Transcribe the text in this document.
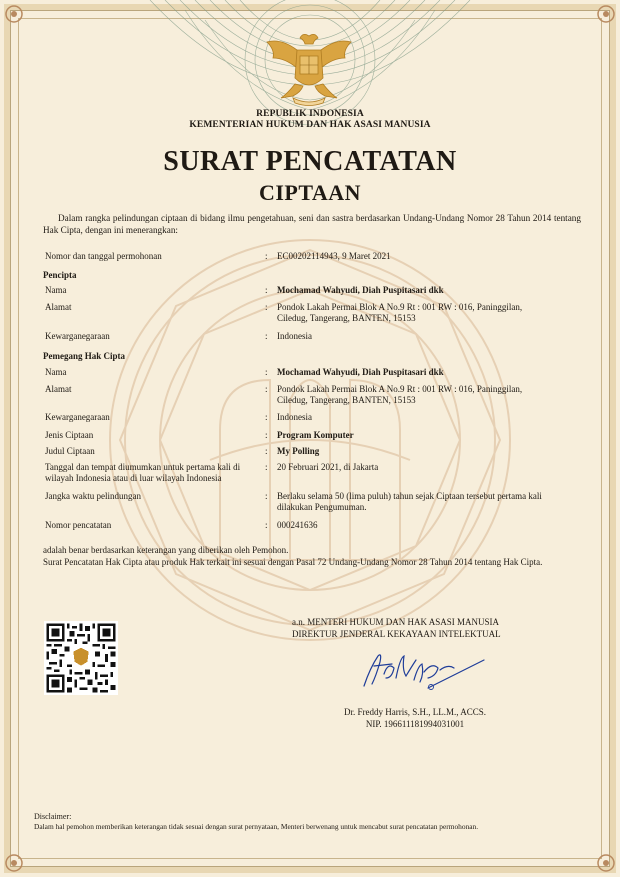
REPUBLIK INDONESIA
KEMENTERIAN HUKUM DAN HAK ASASI MANUSIA
SURAT PENCATATAN
CIPTAAN
Dalam rangka pelindungan ciptaan di bidang ilmu pengetahuan, seni dan sastra berdasarkan Undang-Undang Nomor 28 Tahun 2014 tentang Hak Cipta, dengan ini menerangkan:
Nomor dan tanggal permohonan	: EC00202114943, 9 Maret 2021
Pencipta
Nama	: Mochamad Wahyudi, Diah Puspitasari dkk
Alamat	: Pondok Lakah Permai Blok A No.9 Rt : 001 RW : 016, Paninggilan, Ciledug, Tangerang, BANTEN, 15153
Kewarganegaraan	: Indonesia
Pemegang Hak Cipta
Nama	: Mochamad Wahyudi, Diah Puspitasari dkk
Alamat	: Pondok Lakah Permai Blok A No.9 Rt : 001 RW : 016, Paninggilan, Ciledug, Tangerang, BANTEN, 15153
Kewarganegaraan	: Indonesia
Jenis Ciptaan	: Program Komputer
Judul Ciptaan	: My Polling
Tanggal dan tempat diumumkan untuk pertama kali di wilayah Indonesia atau di luar wilayah Indonesia
: 20 Februari 2021, di Jakarta
Jangka waktu pelindungan	: Berlaku selama 50 (lima puluh) tahun sejak Ciptaan tersebut pertama kali dilakukan Pengumuman.
Nomor pencatatan	: 000241636
adalah benar berdasarkan keterangan yang diberikan oleh Pemohon.
Surat Pencatatan Hak Cipta atau produk Hak terkait ini sesuai dengan Pasal 72 Undang-Undang Nomor 28 Tahun 2014 tentang Hak Cipta.
a.n. MENTERI HUKUM DAN HAK ASASI MANUSIA
DIREKTUR JENDERAL KEKAYAAN INTELEKTUAL
Dr. Freddy Harris, S.H., LL.M., ACCS.
NIP. 196611181994031001
Disclaimer:
Dalam hal pemohon memberikan keterangan tidak sesuai dengan surat pernyataan, Menteri berwenang untuk mencabut surat pencatatan permohonan.
